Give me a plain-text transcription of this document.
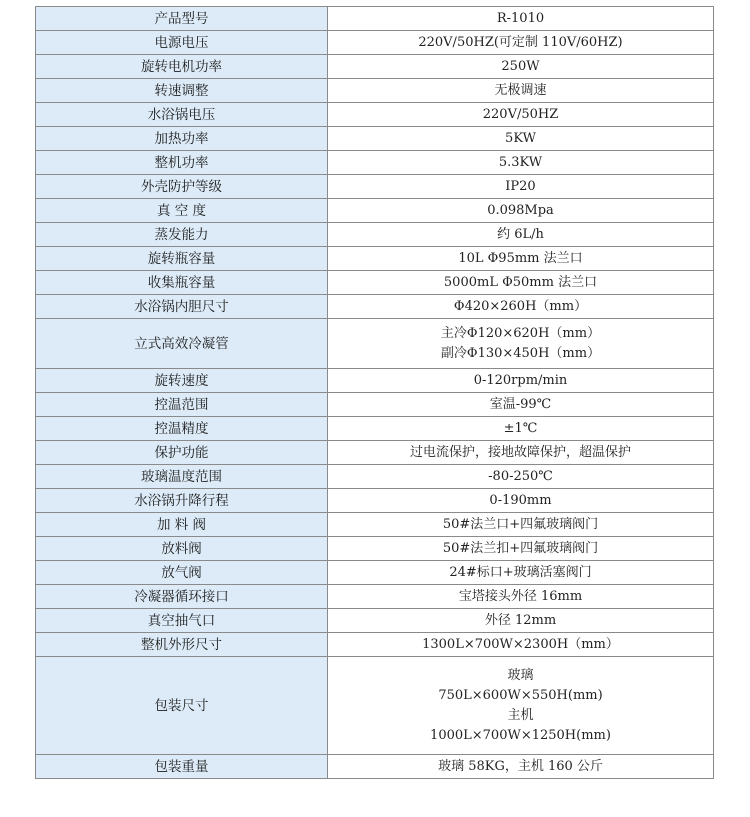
产品型号	R-1010

电源电压	220V/50HZ(可定制 110V/60HZ)

旋转电机功率	250W

转速调整	无极调速

水浴锅电压	220V/50HZ

加热功率	5KW

整机功率	5.3KW

外壳防护等级	IP20

真 空 度	0.098Mpa

蒸发能力	约 6L/h

旋转瓶容量	10L Φ95mm 法兰口

收集瓶容量	5000mL Φ50mm 法兰口

水浴锅内胆尺寸	Φ420×260H（mm）

立式高效冷凝管	主冷Φ120×620H（mm）
副冷Φ130×450H（mm）

旋转速度	0-120rpm/min

控温范围	室温-99℃

控温精度	±1℃

保护功能	过电流保护，接地故障保护，超温保护

玻璃温度范围	-80-250℃

水浴锅升降行程	0-190mm

加 料 阀	50#法兰口+四氟玻璃阀门

放料阀	50#法兰扣+四氟玻璃阀门

放气阀	24#标口+玻璃活塞阀门

冷凝器循环接口	宝塔接头外径 16mm

真空抽气口	外径 12mm

整机外形尺寸	1300L×700W×2300H（mm）

包装尺寸	玻璃
750L×600W×550H(mm)
主机
1000L×700W×1250H(mm)

包装重量	玻璃 58KG，主机 160 公斤
